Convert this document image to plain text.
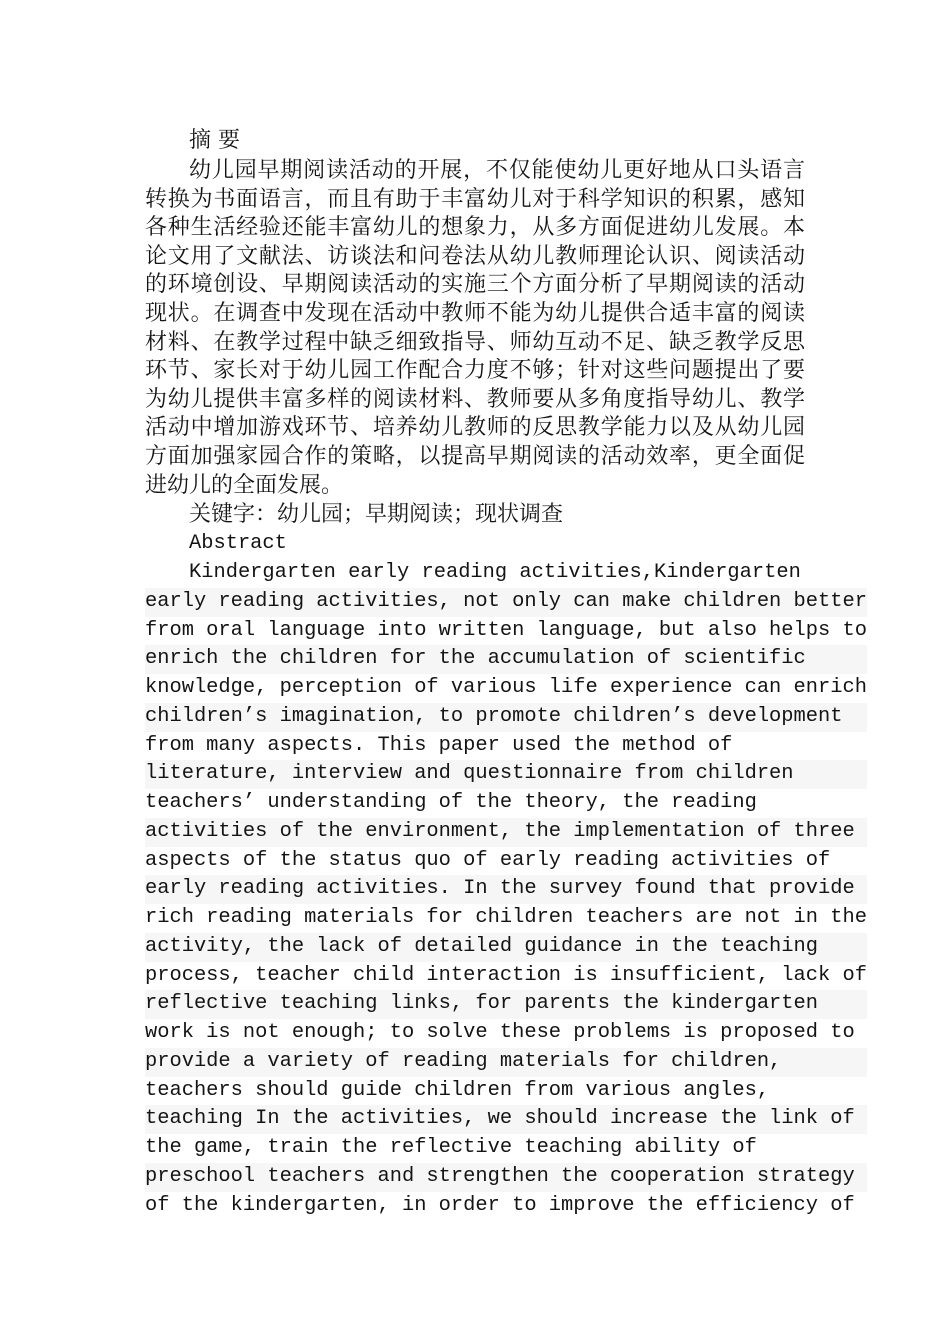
摘 要
幼儿园早期阅读活动的开展，不仅能使幼儿更好地从口头语言
转换为书面语言，而且有助于丰富幼儿对于科学知识的积累，感知
各种生活经验还能丰富幼儿的想象力，从多方面促进幼儿发展。本
论文用了文献法、访谈法和问卷法从幼儿教师理论认识、阅读活动
的环境创设、早期阅读活动的实施三个方面分析了早期阅读的活动
现状。在调查中发现在活动中教师不能为幼儿提供合适丰富的阅读
材料、在教学过程中缺乏细致指导、师幼互动不足、缺乏教学反思
环节、家长对于幼儿园工作配合力度不够；针对这些问题提出了要
为幼儿提供丰富多样的阅读材料、教师要从多角度指导幼儿、教学
活动中增加游戏环节、培养幼儿教师的反思教学能力以及从幼儿园
方面加强家园合作的策略，以提高早期阅读的活动效率，更全面促
进幼儿的全面发展。
关键字：幼儿园；早期阅读；现状调查
Abstract
Kindergarten early reading activities,Kindergarten
early reading activities, not only can make children better
from oral language into written language, but also helps to
enrich the children for the accumulation of scientific
knowledge, perception of various life experience can enrich
children’s imagination, to promote children’s development
from many aspects. This paper used the method of
literature, interview and questionnaire from children
teachers’ understanding of the theory, the reading
activities of the environment, the implementation of three
aspects of the status quo of early reading activities of
early reading activities. In the survey found that provide
rich reading materials for children teachers are not in the
activity, the lack of detailed guidance in the teaching
process, teacher child interaction is insufficient, lack of
reflective teaching links, for parents the kindergarten
work is not enough; to solve these problems is proposed to
provide a variety of reading materials for children,
teachers should guide children from various angles,
teaching In the activities, we should increase the link of
the game, train the reflective teaching ability of
preschool teachers and strengthen the cooperation strategy
of the kindergarten, in order to improve the efficiency of
